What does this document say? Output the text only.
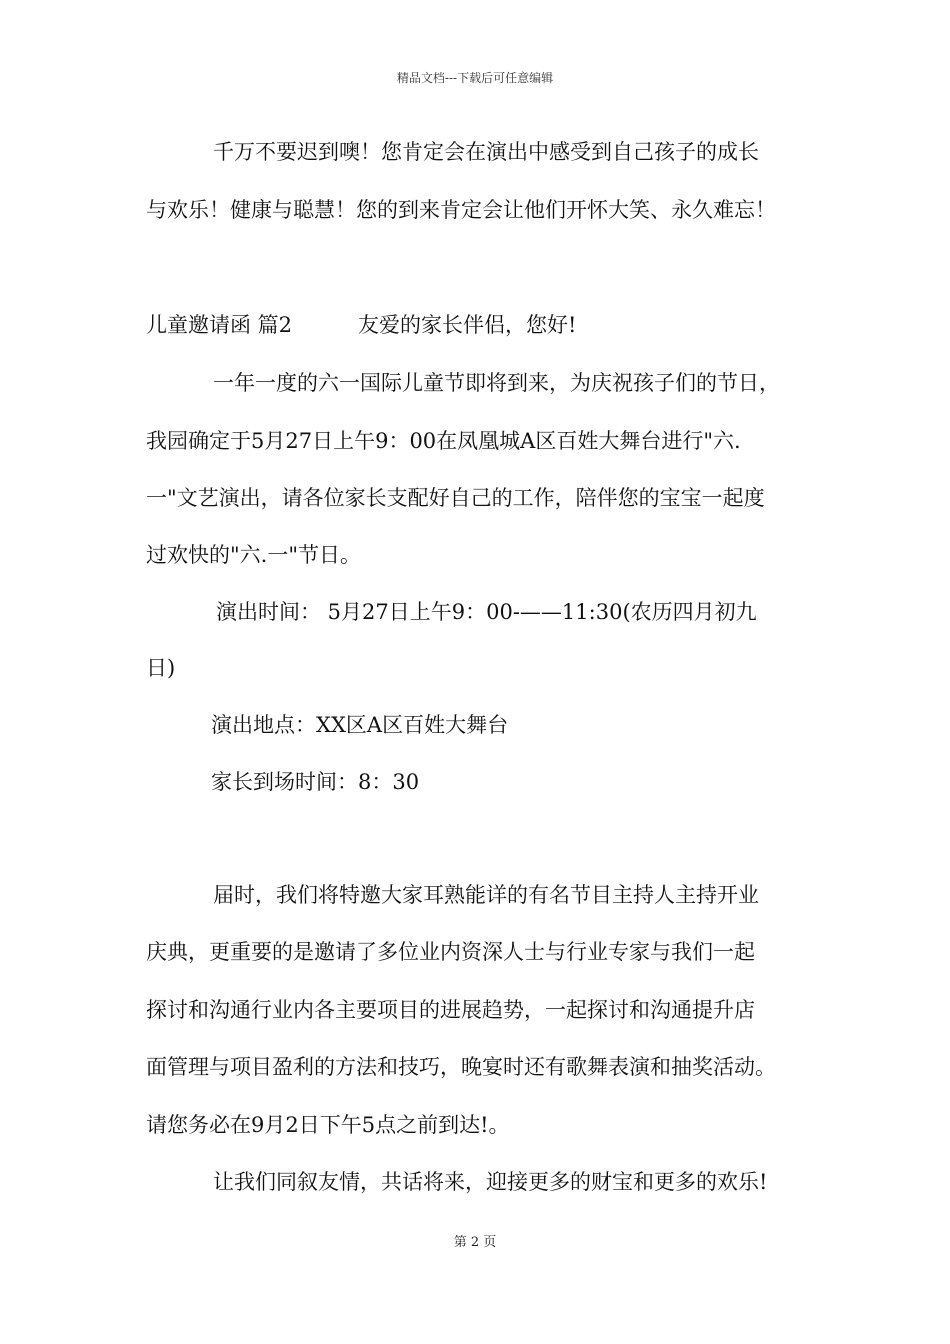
精品文档---下载后可任意编辑
千万不要迟到噢！您肯定会在演出中感受到自己孩子的成长
与欢乐！健康与聪慧！您的到来肯定会让他们开怀大笑、永久难忘！
儿童邀请函 篇2	友爱的家长伴侣，您好!
一年一度的六一国际儿童节即将到来，为庆祝孩子们的节日，
我园确定于5月27日上午9：00在凤凰城A区百姓大舞台进行"六.
一"文艺演出，请各位家长支配好自己的工作，陪伴您的宝宝一起度
过欢快的"六.一"节日。
演出时间： 5月27日上午9：00-——11:30(农历四月初九
日)
演出地点：XX区A区百姓大舞台
家长到场时间：8：30
届时，我们将特邀大家耳熟能详的有名节目主持人主持开业
庆典，更重要的是邀请了多位业内资深人士与行业专家与我们一起
探讨和沟通行业内各主要项目的进展趋势，一起探讨和沟通提升店
面管理与项目盈利的方法和技巧，晚宴时还有歌舞表演和抽奖活动。
请您务必在9月2日下午5点之前到达!。
让我们同叙友情，共话将来，迎接更多的财宝和更多的欢乐!
第 2 页
